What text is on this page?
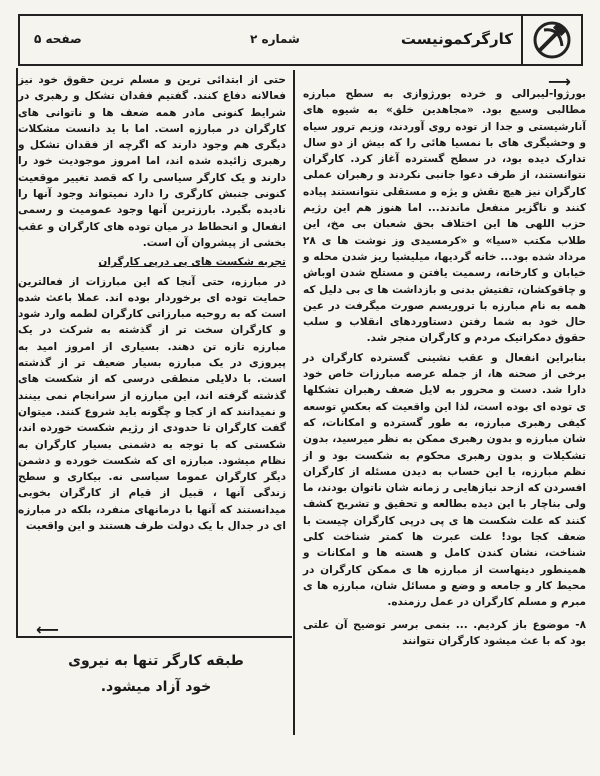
کارگرکمونیست
شماره ۲
صفحه ۵
⟶

بورژوا-لیبرالی و خرده بورژوازی به سطح مبارزه مطالبی وسیع بود. «مجاهدین خلق» به شیوه های آنارشیستی و جدا از توده روی آوردند، وزیم ترور سیاه و وحشیگری های با نمسیا هائی را که بیش از دو سال تدارک دیده بود، در سطح گسترده آغاز کرد. کارگران نتوانستند، از طرف دعوا جانبی نکردند و رهبران عملی کارگران نیز هیچ نقش و یژه و مستقلی نتوانستند پیاده کنند و ناگزیر منفعل ماندند... اما هنوز هم این رژیم حزب اللهی ها این اختلاف بحق شعبان بی مخ، این طلاب مکتب «سیا» و «کرمسیدی وز نوشت ها ی ۲۸ مرداد شده بود... خانه گردیها، میلیشیا ریز شدن محله و خیابان و کارخانه، رسمیت یافتن و مستلح شدن اوباش و چاقوکشان، تفتیش بدنی و بازداشت ها ی بی دلیل که همه به نام مبارزه با تروریسم صورت میگرفت در عین حال خود به شما رفتن دستاوردهای انقلاب و سلب حقوق دمکراتیک مردم و کارگران منجر شد.

بنابراین انفعال و عقب نشینی گسترده کارگران در برخی از صحنه ها، از جمله عرصه مبارزات خاص خود دارا شد. دست و محرور به لایل ضعف رهبران تشکلها ی توده ای بوده است، لذا این واقعیت که بعکسِ توسعه کیفی رهبری مبارزه، به طور گسترده و امکانات، که شان مبارزه و بدون رهبری ممکن به نظر میرسید، بدون تشکیلات و بدون رهبری محکوم به شکست بود و از نظم مبارزه، با این حساب به دیدن مسئله از کارگران افسردن که ازحد نیازهایی ر زمانه شان ناتوان بودند، ما ولی بناچار با این دیده بطالعه و تحقیق و تشریح کشف کنند که علت شکست ها ی پی درپی کارگران چیست با ضعف کجا بود! علت عبرت ها کمتر شناخت کلی شناخت، نشان کندن کامل و هسته ها و امکانات و همینطور دینهاست از مبارزه ها ی ممکن کارگران در محیط کار و جامعه و وضع و مسائل شان، مبارزه ها ی مبرم و مسلم کارگران در عمل رزمنده.

۸- موضوع باز کردیم. ... بنمی برسر توضیح آن علتی بود که با عث میشود کارگران نتوانند

حتی از ابتدائی ترین و مسلم ترین حقوق خود نیز فعالانه دفاع کنند. گفتیم فقدان تشکل و رهبری در شرایط کنونی مادر همه ضعف ها و ناتوانی های کارگران در مبارزه است. اما با ید دانست مشکلات دیگری هم وجود دارند که اگرچه از فقدان تشکل و رهبری زائیده شده اند، اما امروز موجودیت خود را دارند و یک کارگر سیاسی را که قصد تغییر موقعیت کنونی جنبش کارگری را دارد نمیتواند وجود آنها را نادیده بگیرد. بارزترین آنها وجود عمومیت و رسمی انفعال و انحطاط در میان توده های کارگران و عقب بخشی از پیشروان آن است.

تجربه شکست های پی درپی کارگران

در مبارزه، حتی آنجا که این مبارزات از فعالترین حمایت توده ای برخوردار بوده اند. عملا باعث شده است که به روحیه مبارزاتی کارگران لطمه وارد شود و کارگران سخت تر از گذشته به شرکت در یک مبارزه تازه تن دهند. بسیاری از امروز امید به پیروزی در یک مبارزه بسیار ضعیف تر از گذشته است. با دلایلی منطقی درسی که از شکست های گذشته گرفته اند، این مبارزه از سرانجام نمی بینند و نمیدانند که از کجا و چگونه باید شروع کنند. میتوان گفت کارگران تا حدودی از رژیم شکست خورده اند، شکستی که با توجه به دشمنی بسیار کارگران به نظام میشود. مبارزه ای که شکست خورده و دشمن دیگر کارگران عموما سیاسی نه. بیکاری و سطح زندگی آنها ، قبیل از قیام از کارگران بخوبی میدانستند که آنها با درمانهای منفرد، بلکه در مبارزه ای در جدال با یک دولت طرف هستند و این واقعیت

⟵
طبقه کارگر تنها به نیروی
خود آزاد میشود.
